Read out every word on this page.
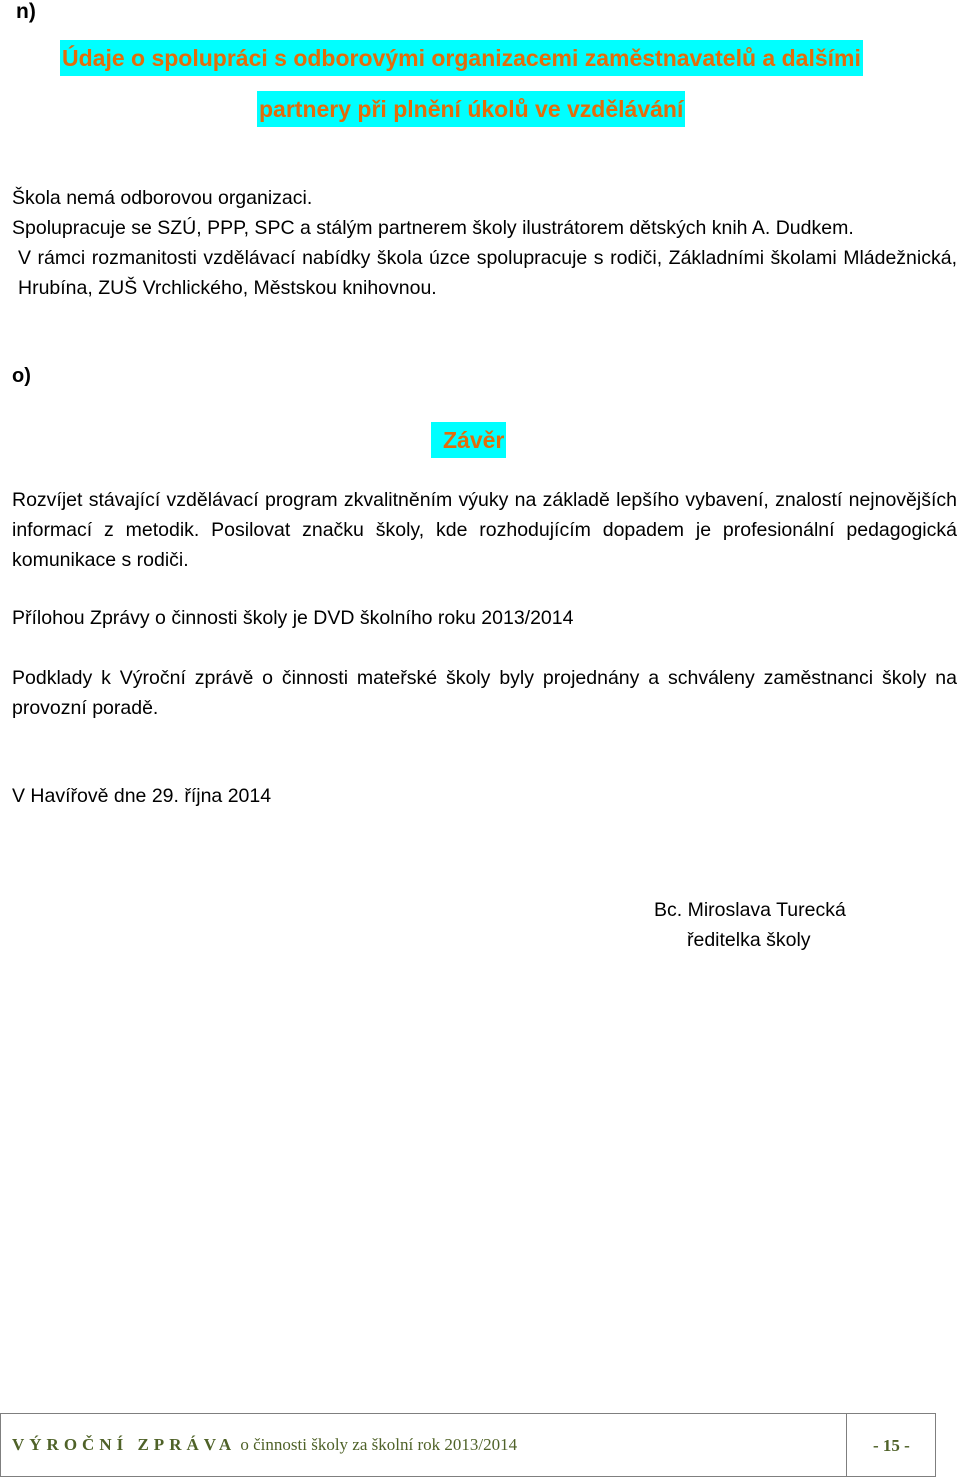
n)
Údaje o spolupráci s odborovými organizacemi zaměstnavatelů a dalšími
partnery při plnění úkolů ve vzdělávání
Škola nemá odborovou organizaci.
Spolupracuje se SZÚ, PPP, SPC a stálým partnerem školy ilustrátorem dětských knih A. Dudkem.
V rámci rozmanitosti vzdělávací nabídky škola úzce spolupracuje s rodiči, Základními školami Mládežnická, Hrubína, ZUŠ Vrchlického, Městskou knihovnou.
o)
Závěr
Rozvíjet stávající vzdělávací program zkvalitněním výuky na základě lepšího vybavení, znalostí nejnovějších informací z metodik. Posilovat značku školy, kde rozhodujícím dopadem je profesionální pedagogická komunikace s rodiči.
Přílohou Zprávy o činnosti školy je DVD školního roku 2013/2014
Podklady k Výroční zprávě o činnosti mateřské školy byly projednány a schváleny zaměstnanci školy na provozní poradě.
V Havířově dne 29. října 2014
Bc. Miroslava Turecká
ředitelka školy
VÝROČNÍ ZPRÁVA o činnosti školy za školní rok 2013/2014	- 15 -
